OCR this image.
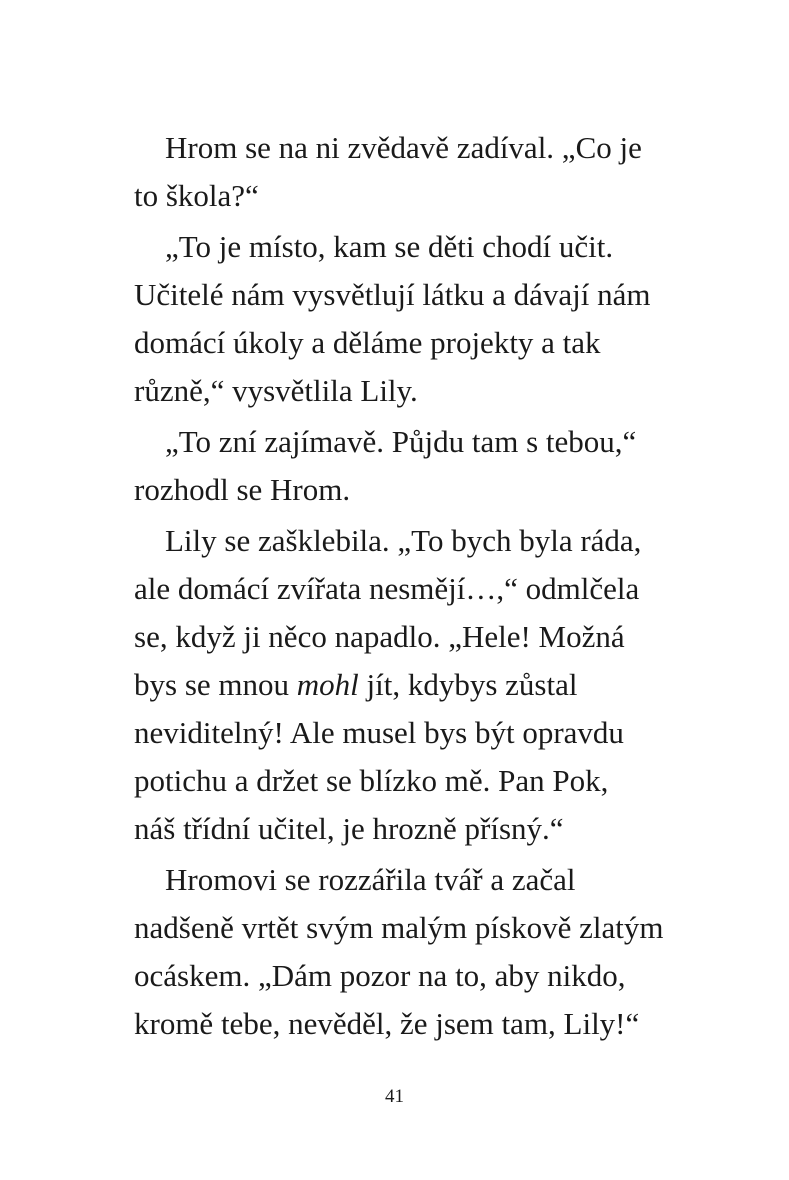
Hrom se na ni zvědavě zadíval. „Co je
to škola?“
„To je místo, kam se děti chodí učit.
Učitelé nám vysvětlují látku a dávají nám
domácí úkoly a děláme projekty a tak
různě,“ vysvětlila Lily.
„To zní zajímavě. Půjdu tam s tebou,“
rozhodl se Hrom.
Lily se zašklebila. „To bych byla ráda,
ale domácí zvířata nesmějí…,“ odmlčela
se, když ji něco napadlo. „Hele! Možná
bys se mnou mohl jít, kdybys zůstal
neviditelný! Ale musel bys být opravdu
potichu a držet se blízko mě. Pan Pok,
náš třídní učitel, je hrozně přísný.“
Hromovi se rozzářila tvář a začal
nadšeně vrtět svým malým pískově zlatým
ocáskem. „Dám pozor na to, aby nikdo,
kromě tebe, nevěděl, že jsem tam, Lily!“
41
